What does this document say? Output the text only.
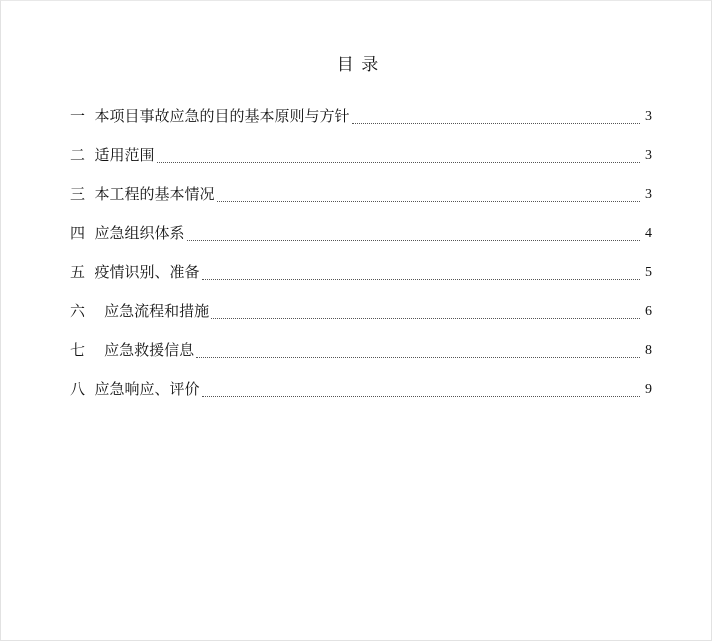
目 录
一  本项目事故应急的目的基本原则与方针	3
二  适用范围	3
三  本工程的基本情况	3
四  应急组织体系	4
五  疫情识别、准备	5
六    应急流程和措施	6
七    应急救援信息	8
八  应急响应、评价	9
